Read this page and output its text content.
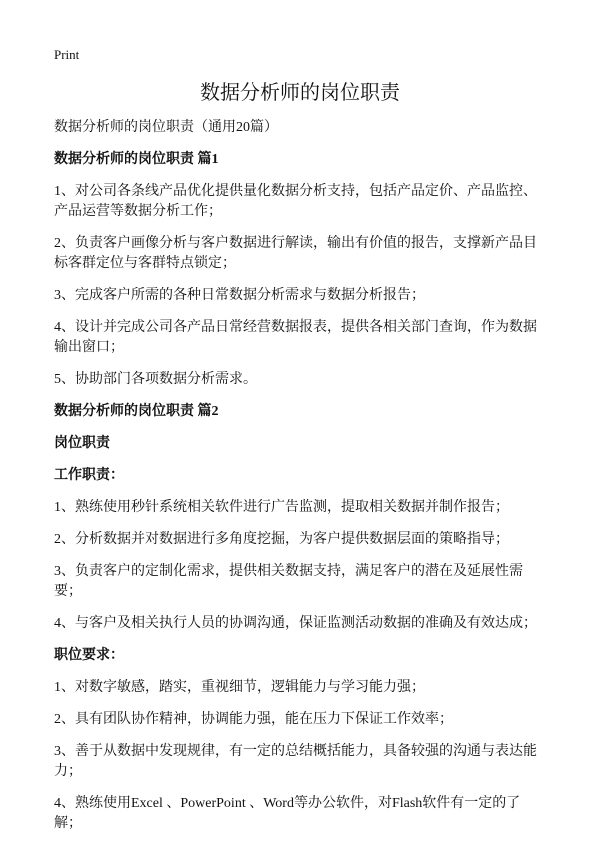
Print
数据分析师的岗位职责

数据分析师的岗位职责（通用20篇）

数据分析师的岗位职责 篇1

1、对公司各条线产品优化提供量化数据分析支持，包括产品定价、产品监控、产品运营等数据分析工作；

2、负责客户画像分析与客户数据进行解读，输出有价值的报告，支撑新产品目标客群定位与客群特点锁定；

3、完成客户所需的各种日常数据分析需求与数据分析报告；

4、设计并完成公司各产品日常经营数据报表，提供各相关部门查询，作为数据输出窗口；

5、协助部门各项数据分析需求。

数据分析师的岗位职责 篇2

岗位职责

工作职责：

1、熟练使用秒针系统相关软件进行广告监测，提取相关数据并制作报告；

2、分析数据并对数据进行多角度挖掘，为客户提供数据层面的策略指导；

3、负责客户的定制化需求，提供相关数据支持，满足客户的潜在及延展性需要；

4、与客户及相关执行人员的协调沟通，保证监测活动数据的准确及有效达成；

职位要求：

1、对数字敏感，踏实，重视细节，逻辑能力与学习能力强；

2、具有团队协作精神，协调能力强，能在压力下保证工作效率；

3、善于从数据中发现规律，有一定的总结概括能力，具备较强的沟通与表达能力；

4、熟练使用Excel 、PowerPoint 、Word等办公软件，对Flash软件有一定的了解；
